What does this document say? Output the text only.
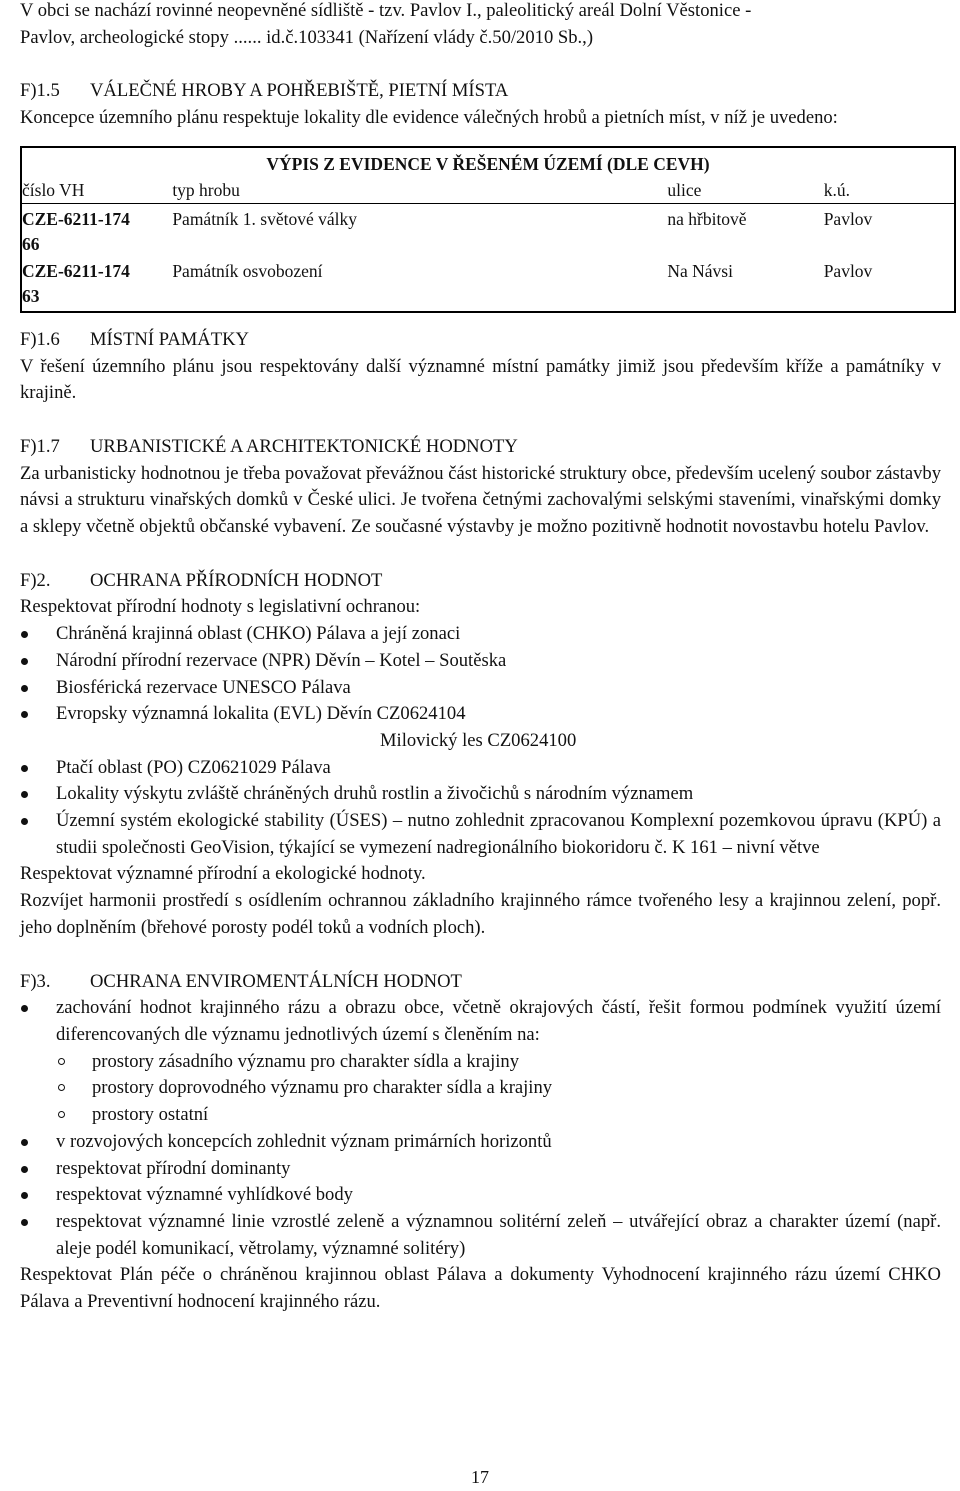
V obci se nachází rovinné neopevněné sídliště - tzv. Pavlov I., paleolitický areál Dolní Věstonice -

Pavlov, archeologické stopy ...... id.č.103341 (Nařízení vlády č.50/2010 Sb.,)

F)1.5 VÁLEČNÉ HROBY A POHŘEBIŠTĚ, PIETNÍ MÍSTA

Koncepce územního plánu respektuje lokality dle evidence válečných hrobů a pietních míst, v níž je uvedeno:

VÝPIS Z EVIDENCE V ŘEŠENÉM ÚZEMÍ (DLE CEVH)			
číslo VH	typ hrobu	ulice	k.ú.

CZE-6211-17466	Památník 1. světové války	na hřbitově	Pavlov

CZE-6211-17463	Památník osvobození	Na Návsi	Pavlov
F)1.6 MÍSTNÍ PAMÁTKY

V řešení územního plánu jsou respektovány další významné místní památky jimiž jsou především kříže a památníky v krajině.

F)1.7 URBANISTICKÉ A ARCHITEKTONICKÉ HODNOTY

Za urbanisticky hodnotnou je třeba považovat převážnou část historické struktury obce, především ucelený soubor zástavby návsi a strukturu vinařských domků v České ulici. Je tvořena četnými zachovalými selskými staveními, vinařskými domky a sklepy včetně objektů občanské vybavení. Ze současné výstavby je možno pozitivně hodnotit novostavbu hotelu Pavlov.

F)2. OCHRANA PŘÍRODNÍCH HODNOT

Respektovat přírodní hodnoty s legislativní ochranou:

Chráněná krajinná oblast (CHKO) Pálava a její zonaci
Národní přírodní rezervace (NPR) Děvín – Kotel – Soutěska
Biosférická rezervace UNESCO Pálava
Evropsky významná lokalita (EVL) Děvín CZ0624104

Milovický les CZ0624100

Ptačí oblast (PO) CZ0621029 Pálava
Lokality výskytu zvláště chráněných druhů rostlin a živočichů s národním významem
Územní systém ekologické stability (ÚSES) – nutno zohlednit zpracovanou Komplexní pozemkovou úpravu (KPÚ) a studii společnosti GeoVision, týkající se vymezení nadregionálního biokoridoru č. K 161 – nivní větve

Respektovat významné přírodní a ekologické hodnoty.

Rozvíjet harmonii prostředí s osídlením ochrannou základního krajinného rámce tvořeného lesy a krajinnou zelení, popř. jeho doplněním (břehové porosty podél toků a vodních ploch).

F)3. OCHRANA ENVIROMENTÁLNÍCH HODNOT
zachování hodnot krajinného rázu a obrazu obce, včetně okrajových částí, řešit formou podmínek využití území diferencovaných dle významu jednotlivých území s členěním na:
prostory zásadního významu pro charakter sídla a krajiny
prostory doprovodného významu pro charakter sídla a krajiny
prostory ostatní
v rozvojových koncepcích zohlednit význam primárních horizontů
respektovat přírodní dominanty
respektovat významné vyhlídkové body
respektovat významné linie vzrostlé zeleně a významnou solitérní zeleň – utvářející obraz a charakter území (např. aleje podél komunikací, větrolamy, významné solitéry)

Respektovat Plán péče o chráněnou krajinnou oblast Pálava a dokumenty Vyhodnocení krajinného rázu území CHKO Pálava a Preventivní hodnocení krajinného rázu.

17
